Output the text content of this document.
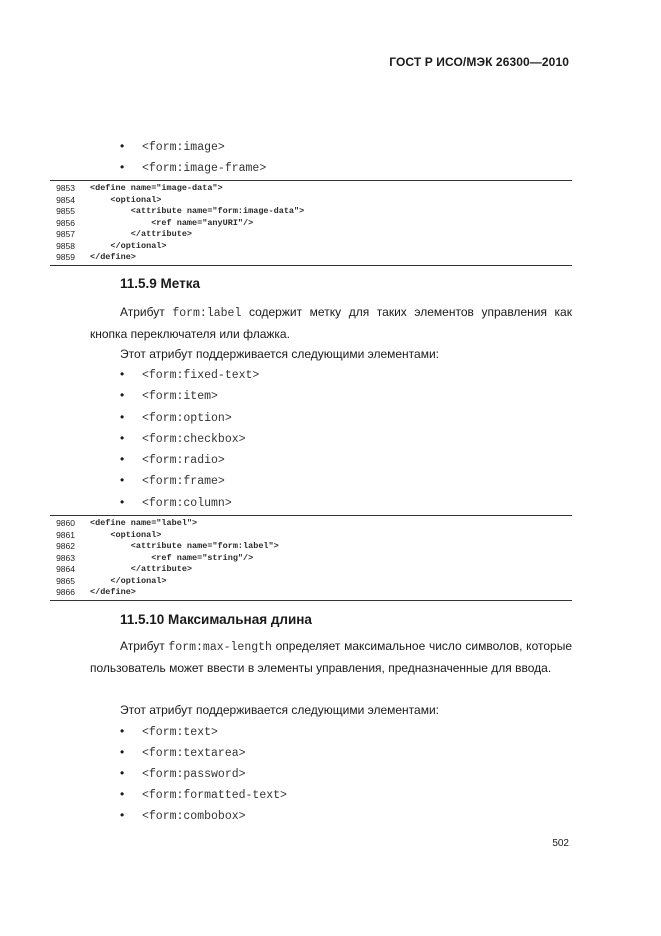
ГОСТ Р ИСО/МЭК 26300—2010
• <form:image>
• <form:image-frame>
9853 <define name="image-data">
9854 <optional>
9855 <attribute name="form:image-data">
9856 <ref name="anyURI"/>
9857 </attribute>
9858 </optional>
9859 </define>
11.5.9 Метка

Атрибут form:label содержит метку для таких элементов управления как кнопка переключателя или флажка.

Этот атрибут поддерживается следующими элементами:

• <form:fixed-text>
• <form:item>
• <form:option>
• <form:checkbox>
• <form:radio>
• <form:frame>
• <form:column>
9860 <define name="label">
9861 <optional>
9862 <attribute name="form:label">
9863 <ref name="string"/>
9864 </attribute>
9865 </optional>
9866 </define>
11.5.10 Максимальная длина

Атрибут form:max-length определяет максимальное число символов, которые пользователь может ввести в элементы управления, предназначенные для ввода.

Этот атрибут поддерживается следующими элементами:

• <form:text>
• <form:textarea>
• <form:password>
• <form:formatted-text>
• <form:combobox>
502
